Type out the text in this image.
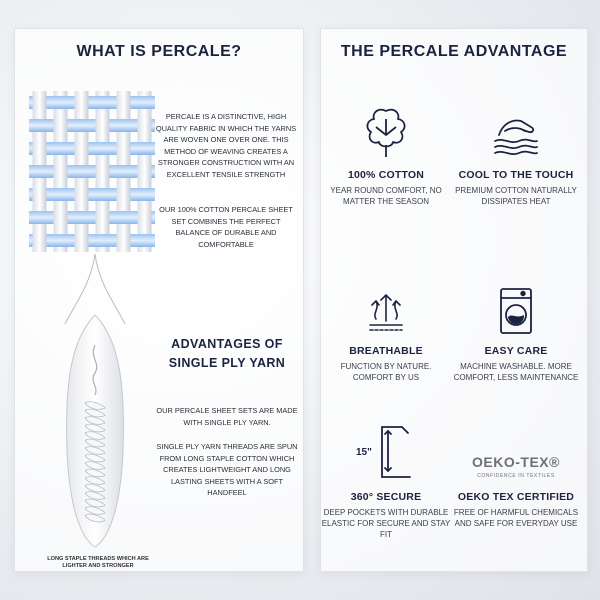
WHAT IS PERCALE?
LONG STAPLE THREADS WHICH ARE LIGHTER AND STRONGER

PERCALE IS A DISTINCTIVE, HIGH QUALITY FABRIC IN WHICH THE YARNS ARE WOVEN ONE OVER ONE. THIS METHOD OF WEAVING CREATES A STRONGER CONSTRUCTION WITH AN EXCELLENT TENSILE STRENGTH

OUR 100% COTTON PERCALE SHEET SET COMBINES THE PERFECT BALANCE OF DURABLE AND COMFORTABLE

ADVANTAGES OF SINGLE PLY YARN

OUR PERCALE SHEET SETS ARE MADE WITH SINGLE PLY YARN.

SINGLE PLY YARN THREADS ARE SPUN FROM LONG STAPLE COTTON WHICH CREATES LIGHTWEIGHT AND LONG LASTING SHEETS WITH A SOFT HANDFEEL

THE PERCALE ADVANTAGE
100% COTTON
YEAR ROUND COMFORT, NO MATTER THE SEASON
COOL TO THE TOUCH
PREMIUM COTTON NATURALLY DISSIPATES HEAT
BREATHABLE
FUNCTION BY NATURE. COMFORT BY US
EASY CARE
MACHINE WASHABLE. MORE COMFORT, LESS MAINTENANCE
15"
360° SECURE
DEEP POCKETS WITH DURABLE ELASTIC FOR SECURE AND STAY FIT
OEKO-TEX®
CONFIDENCE IN TEXTILES
OEKO TEX CERTIFIED
FREE OF HARMFUL CHEMICALS AND SAFE FOR EVERYDAY USE
